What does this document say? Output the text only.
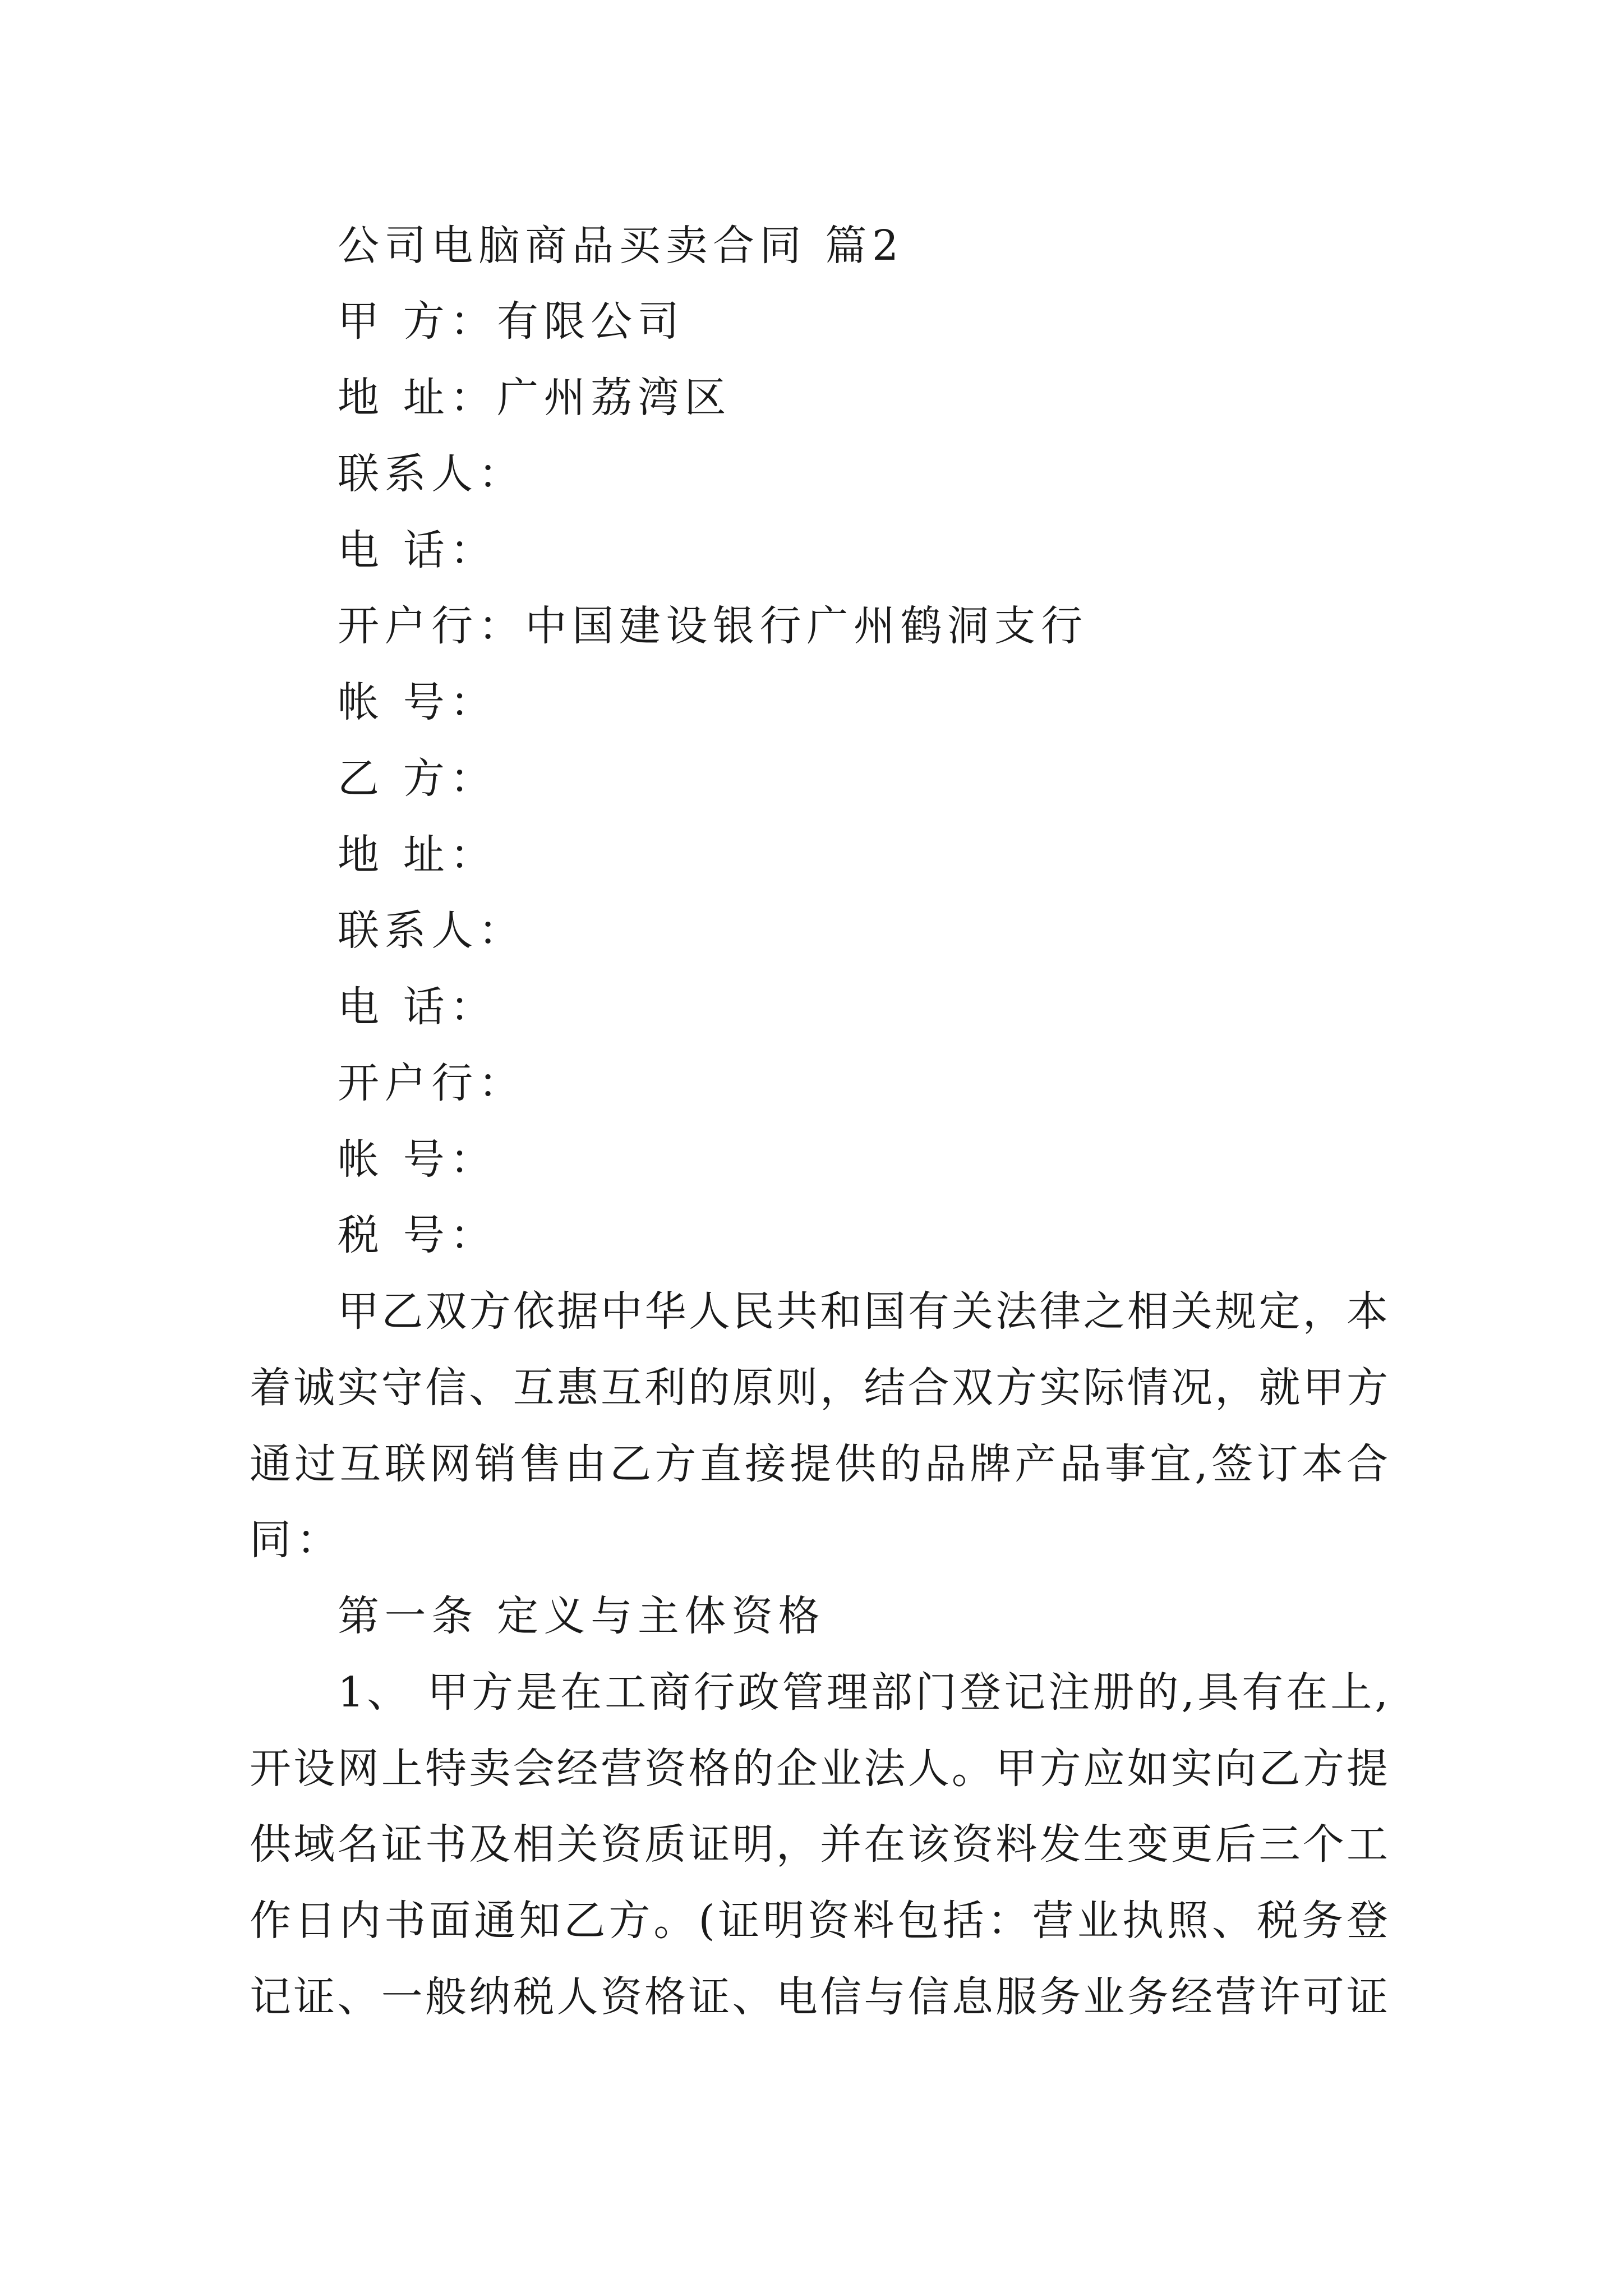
公司电脑商品买卖合同 篇2
甲 方：有限公司
地 址：广州荔湾区
联系人：
电 话：
开户行：中国建设银行广州鹤洞支行
帐 号：
乙 方：
地 址：
联系人：
电 话：
开户行：
帐 号：
税 号：
甲乙双方依据中华人民共和国有关法律之相关规定，本
着诚实守信、互惠互利的原则，结合双方实际情况，就甲方
通过互联网销售由乙方直接提供的品牌产品事宜,签订本合
同：
第一条 定义与主体资格
1、 甲方是在工商行政管理部门登记注册的,具有在上,
开设网上特卖会经营资格的企业法人。甲方应如实向乙方提
供域名证书及相关资质证明，并在该资料发生变更后三个工
作日内书面通知乙方。(证明资料包括：营业执照、税务登
记证、一般纳税人资格证、电信与信息服务业务经营许可证
